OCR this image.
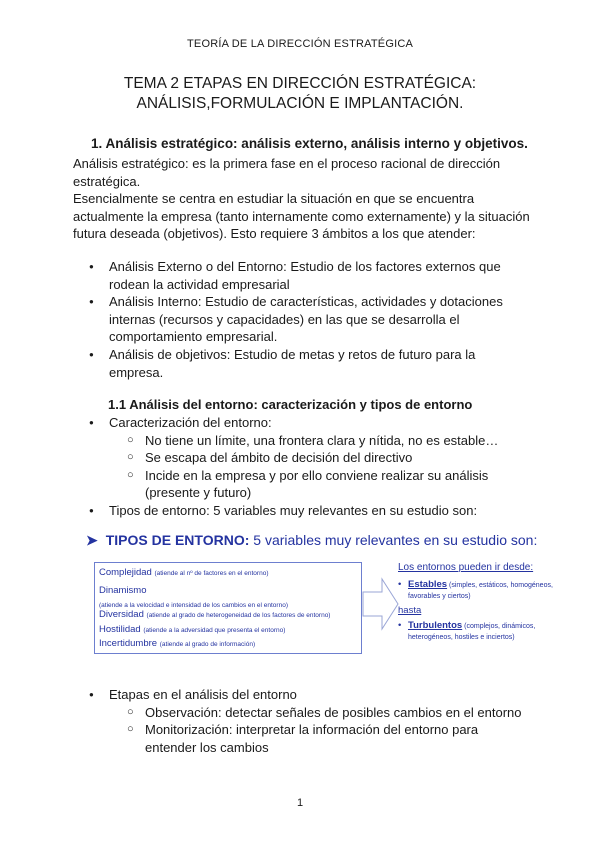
TEORÍA DE LA DIRECCIÓN ESTRATÉGICA
TEMA 2 ETAPAS EN DIRECCIÓN ESTRATÉGICA:
ANÁLISIS,FORMULACIÓN E IMPLANTACIÓN.
1. Análisis estratégico: análisis externo, análisis interno y objetivos.
Análisis estratégico: es la primera fase en el proceso racional de dirección estratégica.
Esencialmente se centra en estudiar la situación en que se encuentra actualmente la empresa (tanto internamente como externamente) y la situación futura deseada (objetivos). Esto requiere 3 ámbitos a los que atender:
● Análisis Externo o del Entorno: Estudio de los factores externos que rodean la actividad empresarial
● Análisis Interno: Estudio de características, actividades y dotaciones internas (recursos y capacidades) en las que se desarrolla el comportamiento empresarial.
● Análisis de objetivos: Estudio de metas y retos de futuro para la empresa.
1.1 Análisis del entorno: caracterización y tipos de entorno
● Caracterización del entorno:
○ No tiene un límite, una frontera clara y nítida, no es estable…
○ Se escapa del ámbito de decisión del directivo
○ Incide en la empresa y por ello conviene realizar su análisis (presente y futuro)
● Tipos de entorno: 5 variables muy relevantes en su estudio son:
➤ TIPOS DE ENTORNO: 5 variables muy relevantes en su estudio son:
Complejidad (atiende al nº de factores en el entorno)
Dinamismo
(atiende a la velocidad e intensidad de los cambios en el entorno)
Diversidad (atiende al grado de heterogeneidad de los factores de entorno)
Hostilidad (atiende a la adversidad que presenta el entorno)
Incertidumbre (atiende al grado de información)
Los entornos pueden ir desde:
• Estables (simples, estáticos, homogéneos, favorables y ciertos)
hasta
• Turbulentos (complejos, dinámicos, heterogéneos, hostiles e inciertos)
● Etapas en el análisis del entorno
○ Observación: detectar señales de posibles cambios en el entorno
○ Monitorización: interpretar la información del entorno para entender los cambios
1
